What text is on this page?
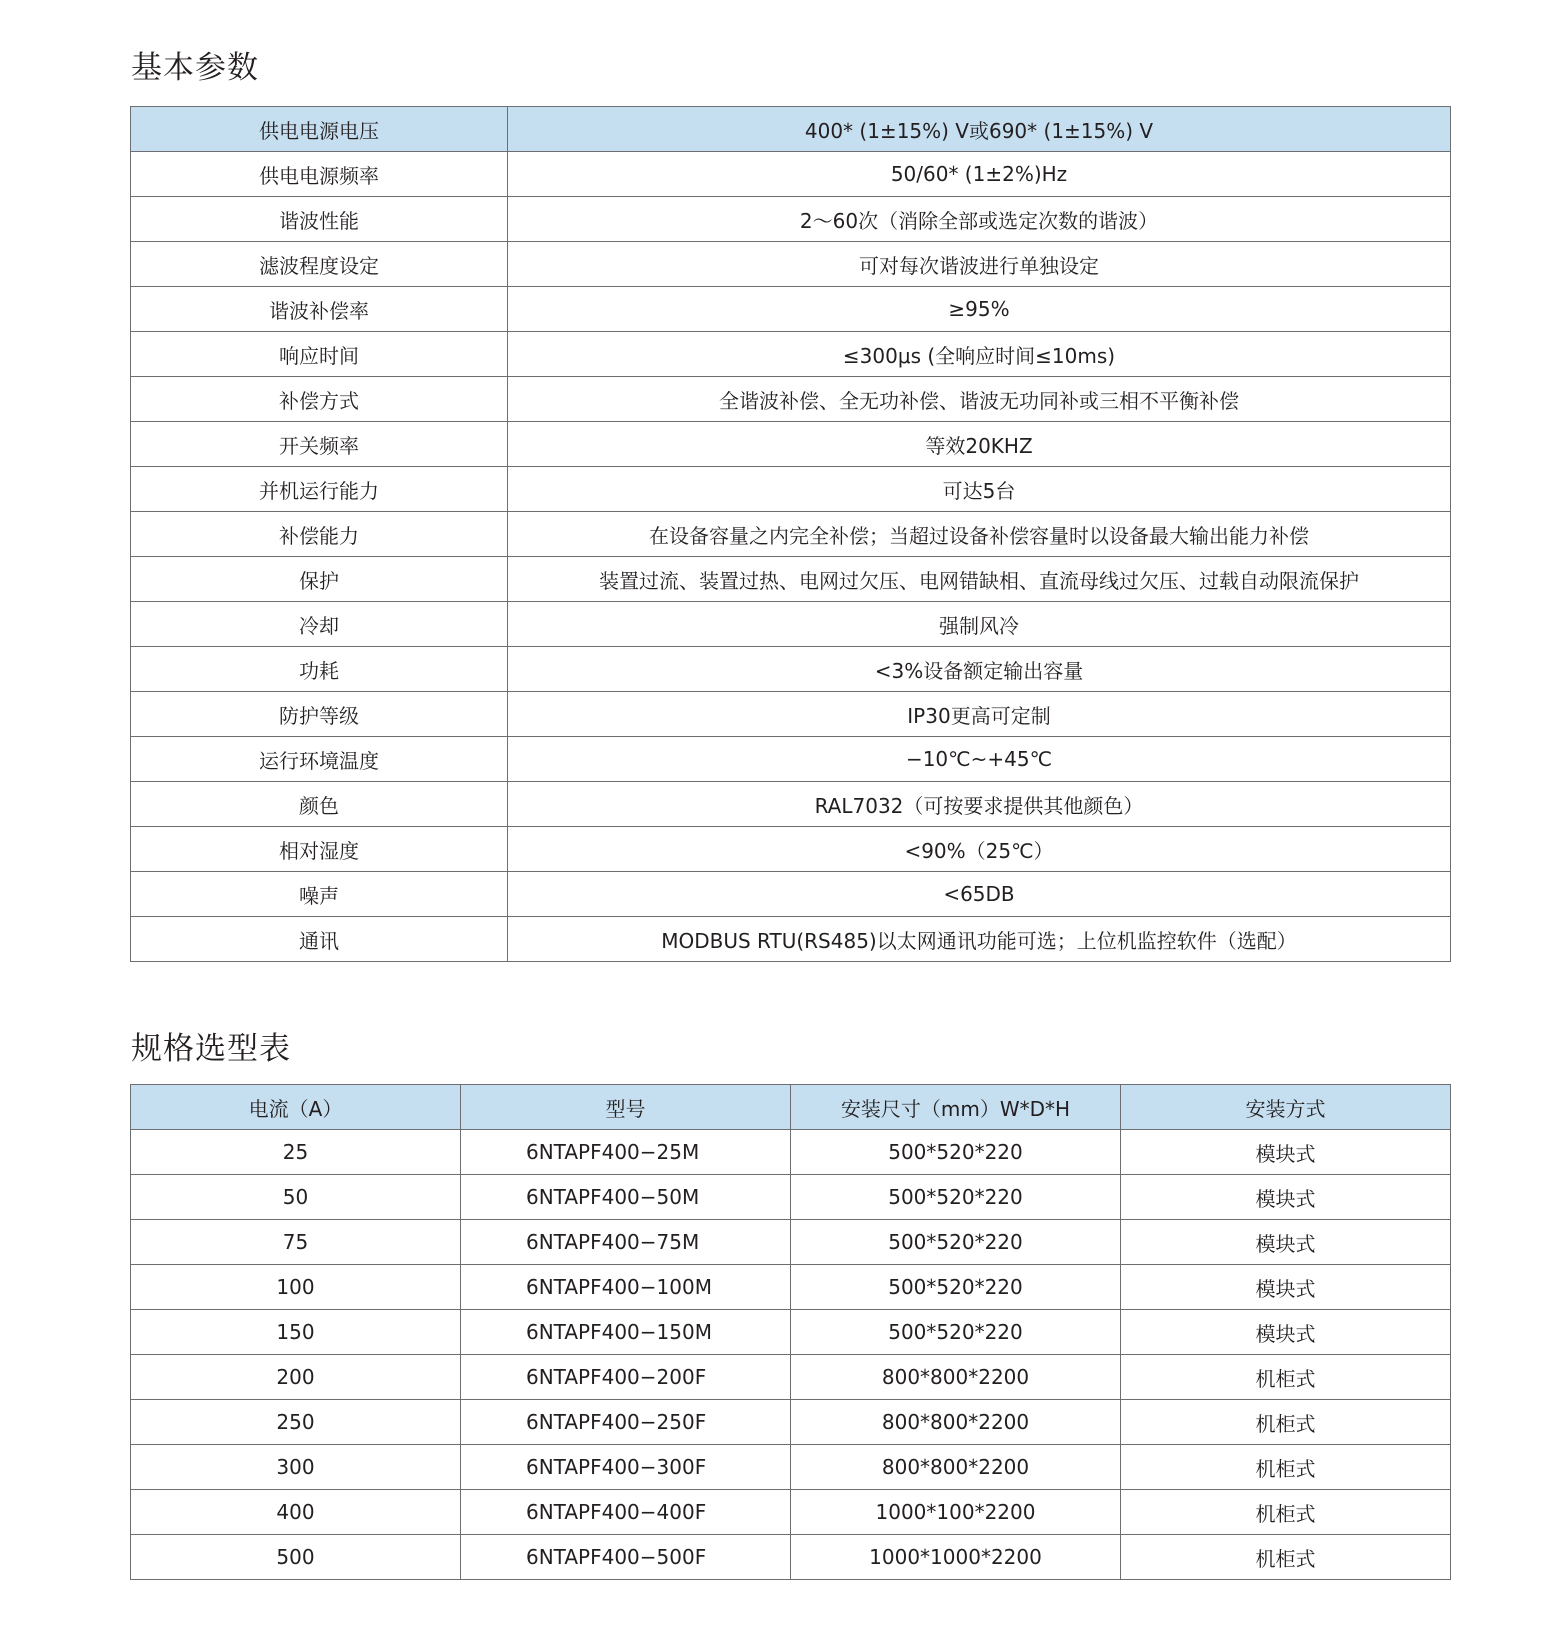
基本参数
供电电源电压	400* (1±15%) V或690* (1±15%) V
供电电源频率	50/60* (1±2%)Hz
谐波性能	2～60次（消除全部或选定次数的谐波）
滤波程度设定	可对每次谐波进行单独设定
谐波补偿率	≥95%
响应时间	≤300μs (全响应时间≤10ms)
补偿方式	全谐波补偿、全无功补偿、谐波无功同补或三相不平衡补偿
开关频率	等效20KHZ
并机运行能力	可达5台
补偿能力	在设备容量之内完全补偿；当超过设备补偿容量时以设备最大输出能力补偿
保护	装置过流、装置过热、电网过欠压、电网错缺相、直流母线过欠压、过载自动限流保护
冷却	强制风冷
功耗	<3%设备额定输出容量
防护等级	IP30更高可定制
运行环境温度	−10℃~+45℃
颜色	RAL7032（可按要求提供其他颜色）
相对湿度	<90%（25℃）
噪声	<65DB
通讯	MODBUS RTU(RS485)以太网通讯功能可选；上位机监控软件（选配）
规格选型表
电流（A）	型号	安装尺寸（mm）W*D*H	安装方式
25	6NTAPF400−25M	500*520*220	模块式
50	6NTAPF400−50M	500*520*220	模块式
75	6NTAPF400−75M	500*520*220	模块式
100	6NTAPF400−100M	500*520*220	模块式
150	6NTAPF400−150M	500*520*220	模块式
200	6NTAPF400−200F	800*800*2200	机柜式
250	6NTAPF400−250F	800*800*2200	机柜式
300	6NTAPF400−300F	800*800*2200	机柜式
400	6NTAPF400−400F	1000*100*2200	机柜式
500	6NTAPF400−500F	1000*1000*2200	机柜式
